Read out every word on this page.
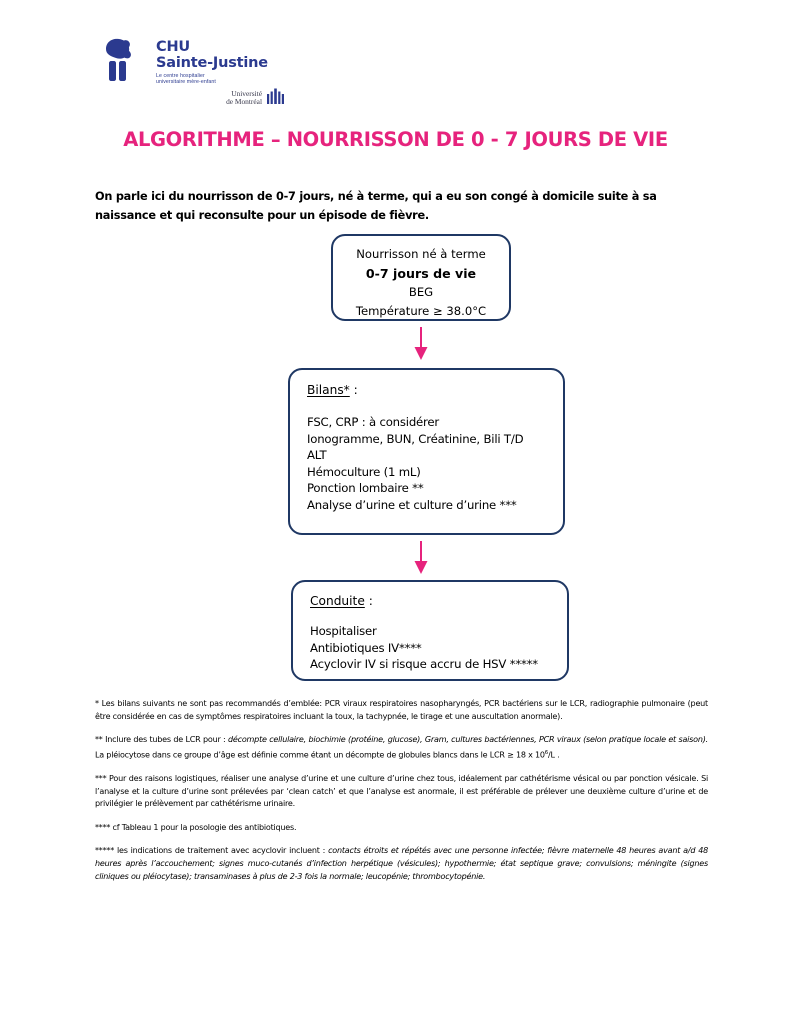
CHU
Sainte-Justine
Le centre hospitalier
universitaire mère-enfant
Université
de Montréal
ALGORITHME – NOURRISSON DE 0 - 7 JOURS DE VIE
On parle ici du nourrisson de 0-7 jours, né à terme, qui a eu son congé à domicile suite à sa naissance et qui reconsulte pour un épisode de fièvre.
Nourrisson né à terme
0-7 jours de vie
BEG
Température ≥ 38.0°C
Bilans* :
FSC, CRP : à considérer
Ionogramme, BUN, Créatinine, Bili T/D
ALT
Hémoculture (1 mL)
Ponction lombaire **
Analyse d’urine et culture d’urine ***
Conduite :
Hospitaliser
Antibiotiques IV****
Acyclovir IV si risque accru de HSV *****
* Les bilans suivants ne sont pas recommandés d’emblée: PCR viraux respiratoires nasopharyngés, PCR bactériens sur le LCR, radiographie pulmonaire (peut être considérée en cas de symptômes respiratoires incluant la toux, la tachypnée, le tirage et une auscultation anormale).
** Inclure des tubes de LCR pour : décompte cellulaire, biochimie (protéine, glucose), Gram, cultures bactériennes, PCR viraux (selon pratique locale et saison). La pléiocytose dans ce groupe d’âge est définie comme étant un décompte de globules blancs dans le LCR ≥ 18 x $10^6/L$ .
*** Pour des raisons logistiques, réaliser une analyse d’urine et une culture d’urine chez tous, idéalement par cathétérisme vésical ou par ponction vésicale. Si l’analyse et la culture d’urine sont prélevées par ‘clean catch’ et que l’analyse est anormale, il est préférable de prélever une deuxième culture d’urine et de privilégier le prélèvement par cathétérisme urinaire.
**** cf Tableau 1 pour la posologie des antibiotiques.
***** les indications de traitement avec acyclovir incluent : contacts étroits et répétés avec une personne infectée; fièvre maternelle 48 heures avant a/d 48 heures après l’accouchement; signes muco-cutanés d’infection herpétique (vésicules); hypothermie; état septique grave; convulsions; méningite (signes cliniques ou pléiocytase); transaminases à plus de 2-3 fois la normale; leucopénie; thrombocytopénie.
